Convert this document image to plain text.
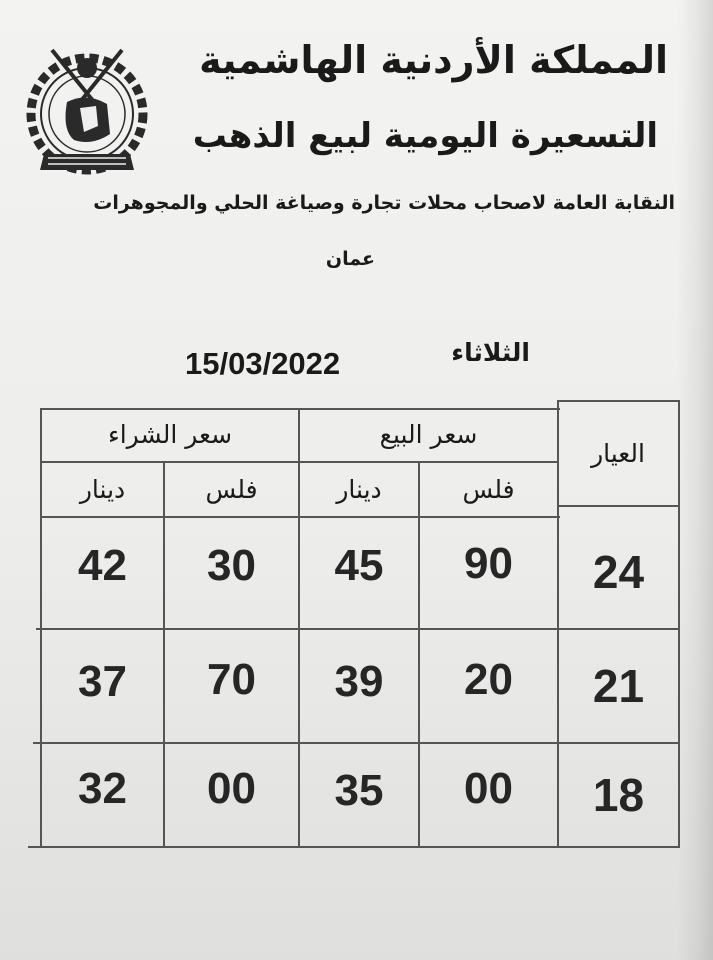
المملكة الأردنية الهاشمية
التسعيرة اليومية لبيع الذهب
النقابة العامة لاصحاب محلات تجارة وصياغة الحلي والمجوهرات
عمان
الثلاثاء
15/03/2022
العيار
سعر البيع
سعر الشراء
فلس
دينار
فلس
دينار
24
90
45
30
42
21
20
39
70
37
18
00
35
00
32
